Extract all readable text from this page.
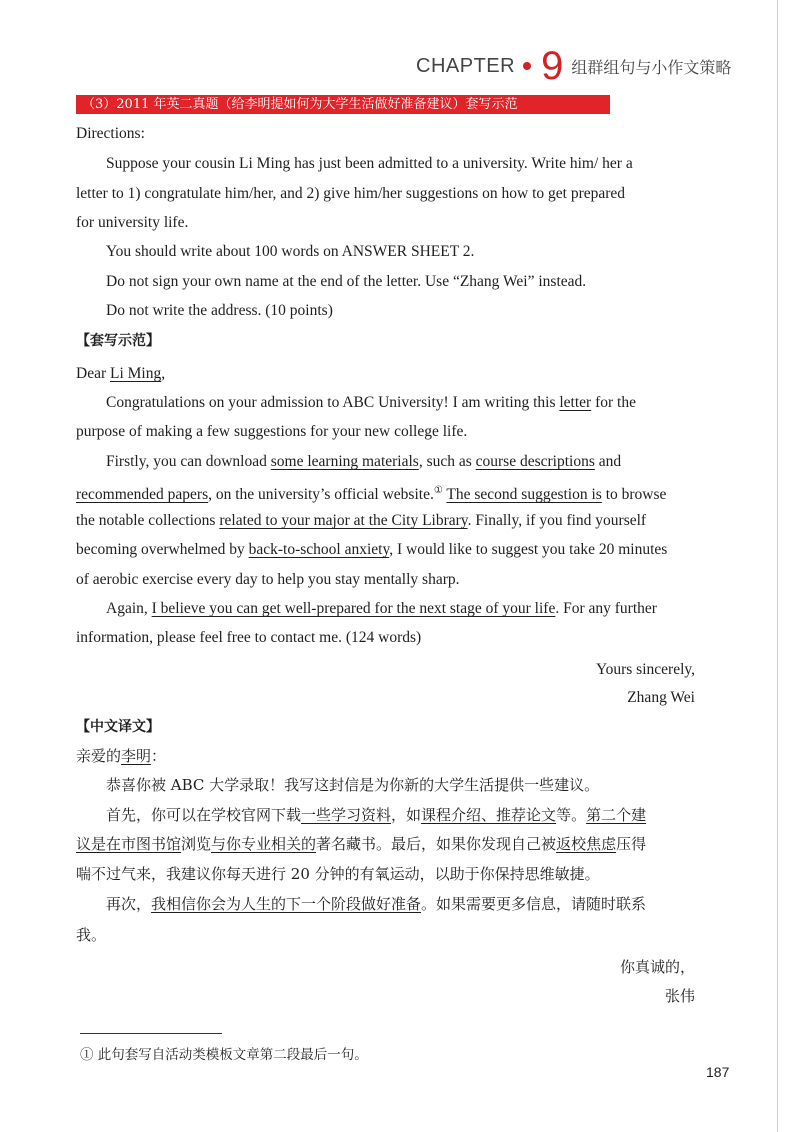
CHAPTER 9 组群组句与小作文策略
（3）2011 年英二真题（给李明提如何为大学生活做好准备建议）套写示范
Directions:
Suppose your cousin Li Ming has just been admitted to a university. Write him/ her a
letter to 1) congratulate him/her, and 2) give him/her suggestions on how to get prepared
for university life.
You should write about 100 words on ANSWER SHEET 2.
Do not sign your own name at the end of the letter. Use “Zhang Wei” instead.
Do not write the address. (10 points)
【套写示范】
Dear Li Ming,
Congratulations on your admission to ABC University! I am writing this letter for the
purpose of making a few suggestions for your new college life.
Firstly, you can download some learning materials, such as course descriptions and
recommended papers, on the university’s official website.① The second suggestion is to browse
the notable collections related to your major at the City Library. Finally, if you find yourself
becoming overwhelmed by back-to-school anxiety, I would like to suggest you take 20 minutes
of aerobic exercise every day to help you stay mentally sharp.
Again, I believe you can get well-prepared for the next stage of your life. For any further
information, please feel free to contact me. (124 words)
Yours sincerely,
Zhang Wei
【中文译文】
亲爱的李明：
恭喜你被 ABC 大学录取！我写这封信是为你新的大学生活提供一些建议。
首先，你可以在学校官网下载一些学习资料，如课程介绍、推荐论文等。第二个建
议是在市图书馆浏览与你专业相关的著名藏书。最后，如果你发现自己被返校焦虑压得
喘不过气来，我建议你每天进行 20 分钟的有氧运动，以助于你保持思维敏捷。
再次，我相信你会为人生的下一个阶段做好准备。如果需要更多信息，请随时联系
我。
你真诚的，
张伟
① 此句套写自活动类模板文章第二段最后一句。
187
